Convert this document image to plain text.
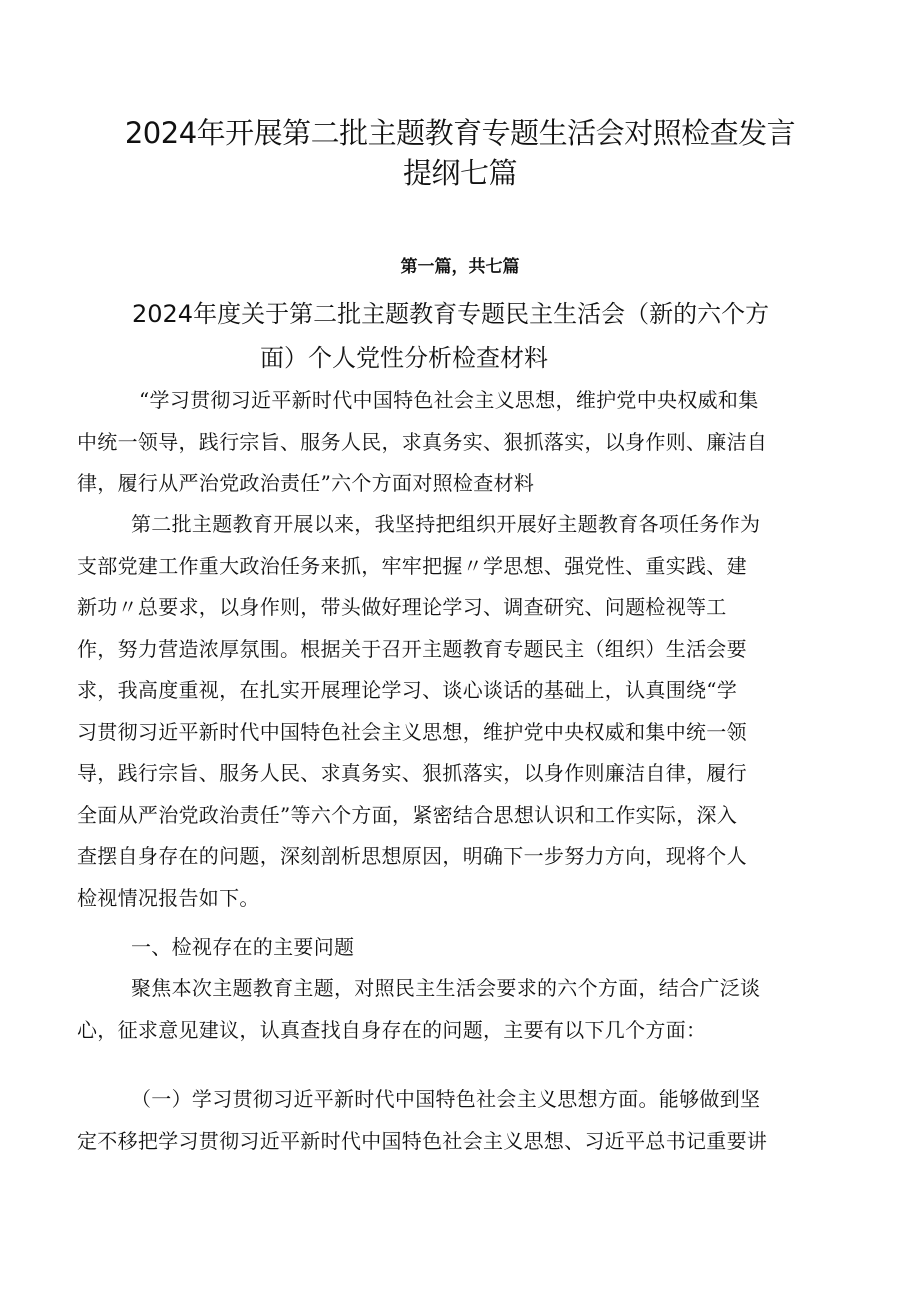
2024年开展第二批主题教育专题生活会对照检查发言
提纲七篇
第一篇，共七篇
2024年度关于第二批主题教育专题民主生活会（新的六个方
面）个人党性分析检查材料
“学习贯彻习近平新时代中国特色社会主义思想，维护党中央权威和集
中统一领导，践行宗旨、服务人民，求真务实、狠抓落实，以身作则、廉洁自
律，履行从严治党政治责任”六个方面对照检查材料
第二批主题教育开展以来，我坚持把组织开展好主题教育各项任务作为
支部党建工作重大政治任务来抓，牢牢把握〃学思想、强党性、重实践、建
新功〃总要求，以身作则，带头做好理论学习、调查研究、问题检视等工
作，努力营造浓厚氛围。根据关于召开主题教育专题民主（组织）生活会要
求，我高度重视，在扎实开展理论学习、谈心谈话的基础上，认真围绕“学
习贯彻习近平新时代中国特色社会主义思想，维护党中央权威和集中统一领
导，践行宗旨、服务人民、求真务实、狠抓落实，以身作则廉洁自律，履行
全面从严治党政治责任”等六个方面，紧密结合思想认识和工作实际，深入
查摆自身存在的问题，深刻剖析思想原因，明确下一步努力方向，现将个人
检视情况报告如下。
一、检视存在的主要问题
聚焦本次主题教育主题，对照民主生活会要求的六个方面，结合广泛谈
心，征求意见建议，认真查找自身存在的问题，主要有以下几个方面：
（一）学习贯彻习近平新时代中国特色社会主义思想方面。能够做到坚
定不移把学习贯彻习近平新时代中国特色社会主义思想、习近平总书记重要讲
